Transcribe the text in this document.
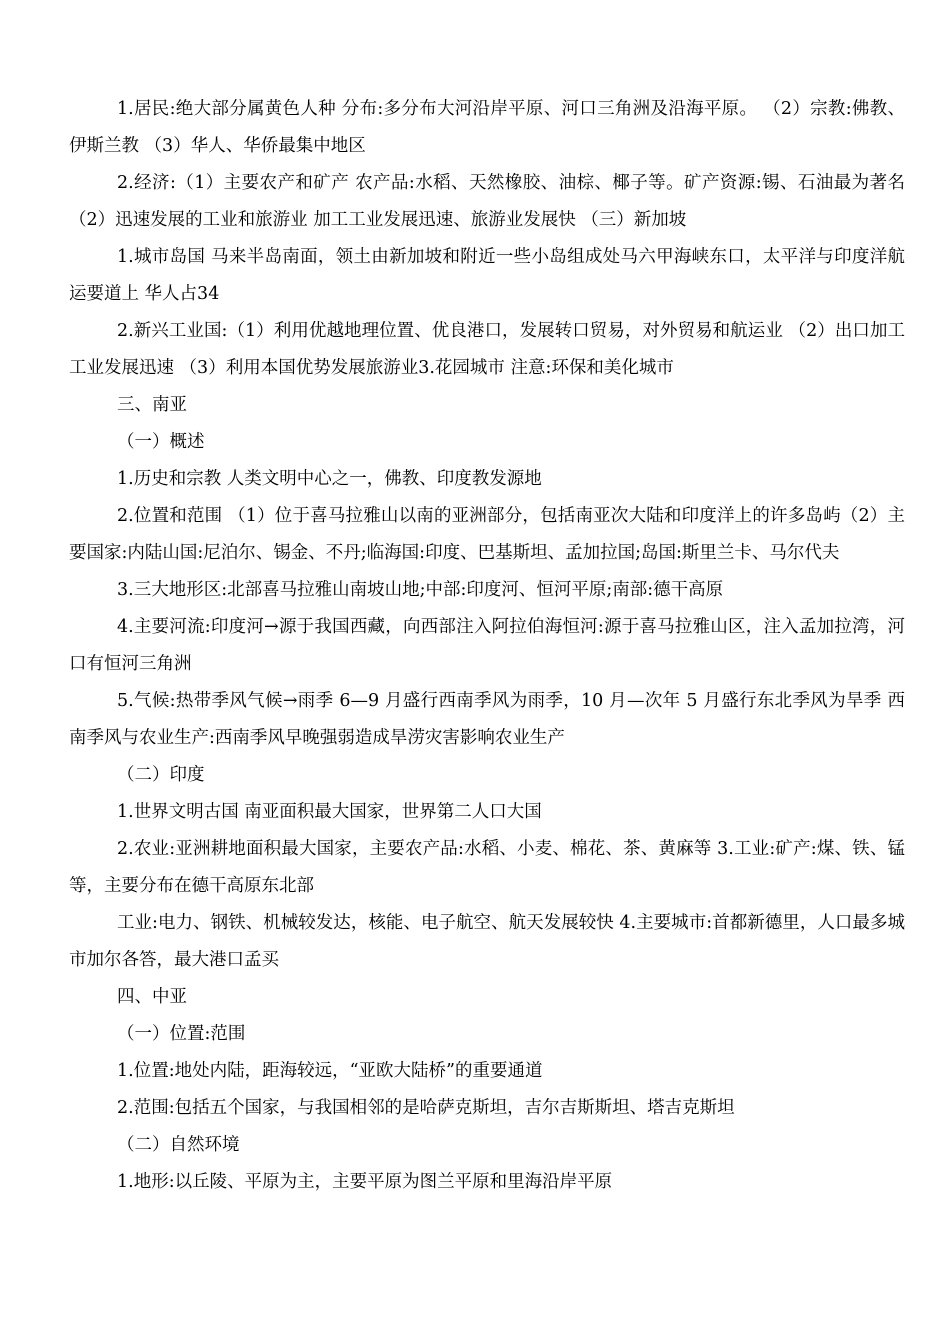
1.居民:绝大部分属黄色人种 分布:多分布大河沿岸平原、河口三角洲及沿海平原。 （2）宗教:佛教、伊斯兰教 （3）华人、华侨最集中地区

2.经济:（1）主要农产和矿产 农产品:水稻、天然橡胶、油棕、椰子等。矿产资源:锡、石油最为著名 （2）迅速发展的工业和旅游业 加工工业发展迅速、旅游业发展快 （三）新加坡

1.城市岛国 马来半岛南面，领土由新加坡和附近一些小岛组成处马六甲海峡东口，太平洋与印度洋航运要道上 华人占34

2.新兴工业国:（1）利用优越地理位置、优良港口，发展转口贸易，对外贸易和航运业 （2）出口加工工业发展迅速 （3）利用本国优势发展旅游业3.花园城市 注意:环保和美化城市

三、南亚

（一）概述

1.历史和宗教 人类文明中心之一，佛教、印度教发源地

2.位置和范围 （1）位于喜马拉雅山以南的亚洲部分，包括南亚次大陆和印度洋上的许多岛屿（2）主要国家:内陆山国:尼泊尔、锡金、不丹;临海国:印度、巴基斯坦、孟加拉国;岛国:斯里兰卡、马尔代夫

3.三大地形区:北部喜马拉雅山南坡山地;中部:印度河、恒河平原;南部:德干高原

4.主要河流:印度河→源于我国西藏，向西部注入阿拉伯海恒河:源于喜马拉雅山区，注入孟加拉湾，河口有恒河三角洲

5.气候:热带季风气候→雨季 6—9 月盛行西南季风为雨季，10 月—次年 5 月盛行东北季风为旱季 西南季风与农业生产:西南季风早晚强弱造成旱涝灾害影响农业生产

（二）印度

1.世界文明古国 南亚面积最大国家，世界第二人口大国

2.农业:亚洲耕地面积最大国家，主要农产品:水稻、小麦、棉花、茶、黄麻等 3.工业:矿产:煤、铁、锰等，主要分布在德干高原东北部

工业:电力、钢铁、机械较发达，核能、电子航空、航天发展较快 4.主要城市:首都新德里，人口最多城市加尔各答，最大港口孟买

四、中亚

（一）位置:范围

1.位置:地处内陆，距海较远，“亚欧大陆桥”的重要通道

2.范围:包括五个国家，与我国相邻的是哈萨克斯坦，吉尔吉斯斯坦、塔吉克斯坦

（二）自然环境

1.地形:以丘陵、平原为主，主要平原为图兰平原和里海沿岸平原
